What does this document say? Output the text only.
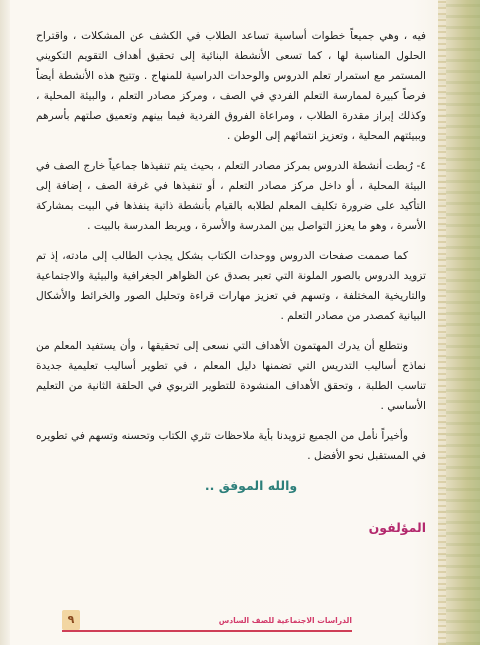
فيه ، وهي جميعاً خطوات أساسية تساعد الطلاب في الكشف عن المشكلات ، واقتراح الحلول المناسبة لها ، كما تسعى الأنشطة البنائية إلى تحقيق أهداف التقويم التكويني المستمر مع استمرار تعلم الدروس والوحدات الدراسية للمنهاج . وتتيح هذه الأنشطة أيضاً فرصاً كبيرة لممارسة التعلم الفردي في الصف ، ومركز مصادر التعلم ، والبيئة المحلية ، وكذلك إبراز مقدرة الطلاب ، ومراعاة الفروق الفردية فيما بينهم وتعميق صلتهم بأسرهم وببيئتهم المحلية ، وتعزيز انتمائهم إلى الوطن .

٤- رُبطت أنشطة الدروس بمركز مصادر التعلم ، بحيث يتم تنفيذها جماعياً خارج الصف في البيئة المحلية ، أو داخل مركز مصادر التعلم ، أو تنفيذها في غرفة الصف ، إضافة إلى التأكيد على ضرورة تكليف المعلم لطلابه بالقيام بأنشطة ذاتية ينفذها في البيت بمشاركة الأسرة ، وهو ما يعزز التواصل بين المدرسة والأسرة ، ويربط المدرسة بالبيت .

كما صممت صفحات الدروس ووحدات الكتاب بشكل يجذب الطالب إلى مادته، إذ تم تزويد الدروس بالصور الملونة التي تعبر بصدق عن الظواهر الجغرافية والبيئية والاجتماعية والتاريخية المختلفة ، وتسهم في تعزيز مهارات قراءة وتحليل الصور والخرائط والأشكال البيانية كمصدر من مصادر التعلم .

ونتطلع أن يدرك المهتمون الأهداف التي نسعى إلى تحقيقها ، وأن يستفيد المعلم من نماذج أساليب التدريس التي تضمنها دليل المعلم ، في تطوير أساليب تعليمية جديدة تناسب الطلبة ، وتحقق الأهداف المنشودة للتطوير التربوي في الحلقة الثانية من التعليم الأساسي .

وأخيراً نأمل من الجميع تزويدنا بأية ملاحظات تثري الكتاب وتحسنه وتسهم في تطويره في المستقبل نحو الأفضل .

والله الموفق ..
المؤلفون
الدراسات الاجتماعية للصف السادس
٩
